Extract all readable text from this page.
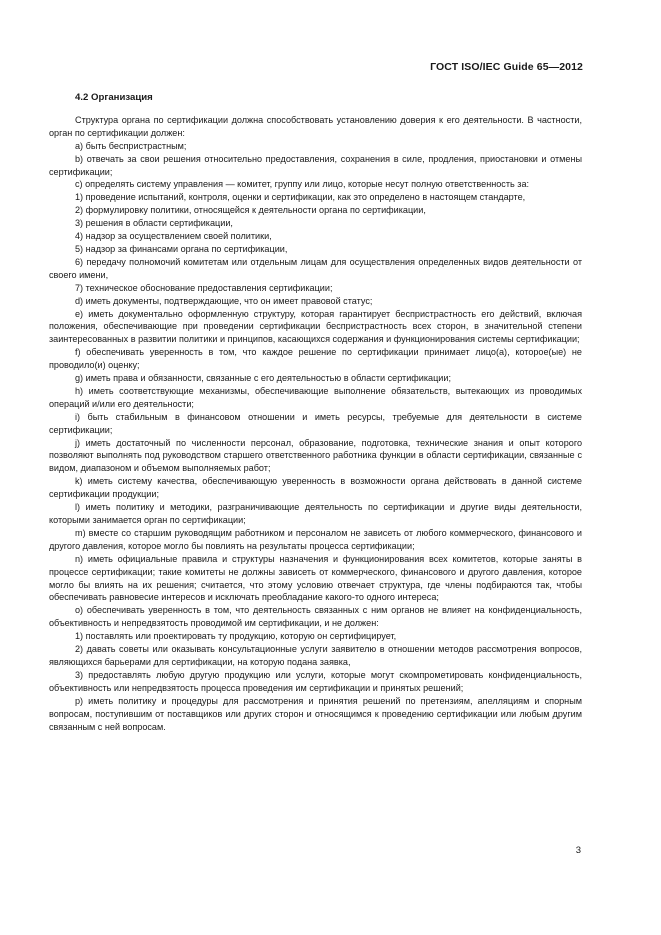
ГОСТ ISO/IEC Guide 65—2012

4.2 Организация

Структура органа по сертификации должна способствовать установлению доверия к его деятельности. В частности, орган по сертификации должен:

a) быть беспристрастным;

b) отвечать за свои решения относительно предоставления, сохранения в силе, продления, приостановки и отмены сертификации;

c) определять систему управления — комитет, группу или лицо, которые несут полную ответственность за:

1) проведение испытаний, контроля, оценки и сертификации, как это определено в настоящем стандарте,

2) формулировку политики, относящейся к деятельности органа по сертификации,

3) решения в области сертификации,

4) надзор за осуществлением своей политики,

5) надзор за финансами органа по сертификации,

6) передачу полномочий комитетам или отдельным лицам для осуществления определенных видов деятельности от своего имени,

7) техническое обоснование предоставления сертификации;

d) иметь документы, подтверждающие, что он имеет правовой статус;

e) иметь документально оформленную структуру, которая гарантирует беспристрастность его действий, включая положения, обеспечивающие при проведении сертификации беспристрастность всех сторон, в значительной степени заинтересованных в развитии политики и принципов, касающихся содержания и функционирования системы сертификации;

f) обеспечивать уверенность в том, что каждое решение по сертификации принимает лицо(а), которое(ые) не проводило(и) оценку;

g) иметь права и обязанности, связанные с его деятельностью в области сертификации;

h) иметь соответствующие механизмы, обеспечивающие выполнение обязательств, вытекающих из проводимых операций и/или его деятельности;

i) быть стабильным в финансовом отношении и иметь ресурсы, требуемые для деятельности в системе сертификации;

j) иметь достаточный по численности персонал, образование, подготовка, технические знания и опыт которого позволяют выполнять под руководством старшего ответственного работника функции в области сертификации, связанные с видом, диапазоном и объемом выполняемых работ;

k) иметь систему качества, обеспечивающую уверенность в возможности органа действовать в данной системе сертификации продукции;

l) иметь политику и методики, разграничивающие деятельность по сертификации и другие виды деятельности, которыми занимается орган по сертификации;

m) вместе со старшим руководящим работником и персоналом не зависеть от любого коммерческого, финансового и другого давления, которое могло бы повлиять на результаты процесса сертификации;

n) иметь официальные правила и структуры назначения и функционирования всех комитетов, которые заняты в процессе сертификации; такие комитеты не должны зависеть от коммерческого, финансового и другого давления, которое могло бы влиять на их решения; считается, что этому условию отвечает структура, где члены подбираются так, чтобы обеспечивать равновесие интересов и исключать преобладание какого-то одного интереса;

o) обеспечивать уверенность в том, что деятельность связанных с ним органов не влияет на конфиденциальность, объективность и непредвзятость проводимой им сертификации, и не должен:

1) поставлять или проектировать ту продукцию, которую он сертифицирует,

2) давать советы или оказывать консультационные услуги заявителю в отношении методов рассмотрения вопросов, являющихся барьерами для сертификации, на которую подана заявка,

3) предоставлять любую другую продукцию или услуги, которые могут скомпрометировать конфиденциальность, объективность или непредвзятость процесса проведения им сертификации и принятых решений;

p) иметь политику и процедуры для рассмотрения и принятия решений по претензиям, апелляциям и спорным вопросам, поступившим от поставщиков или других сторон и относящимся к проведению сертификации или любым другим связанным с ней вопросам.

3
